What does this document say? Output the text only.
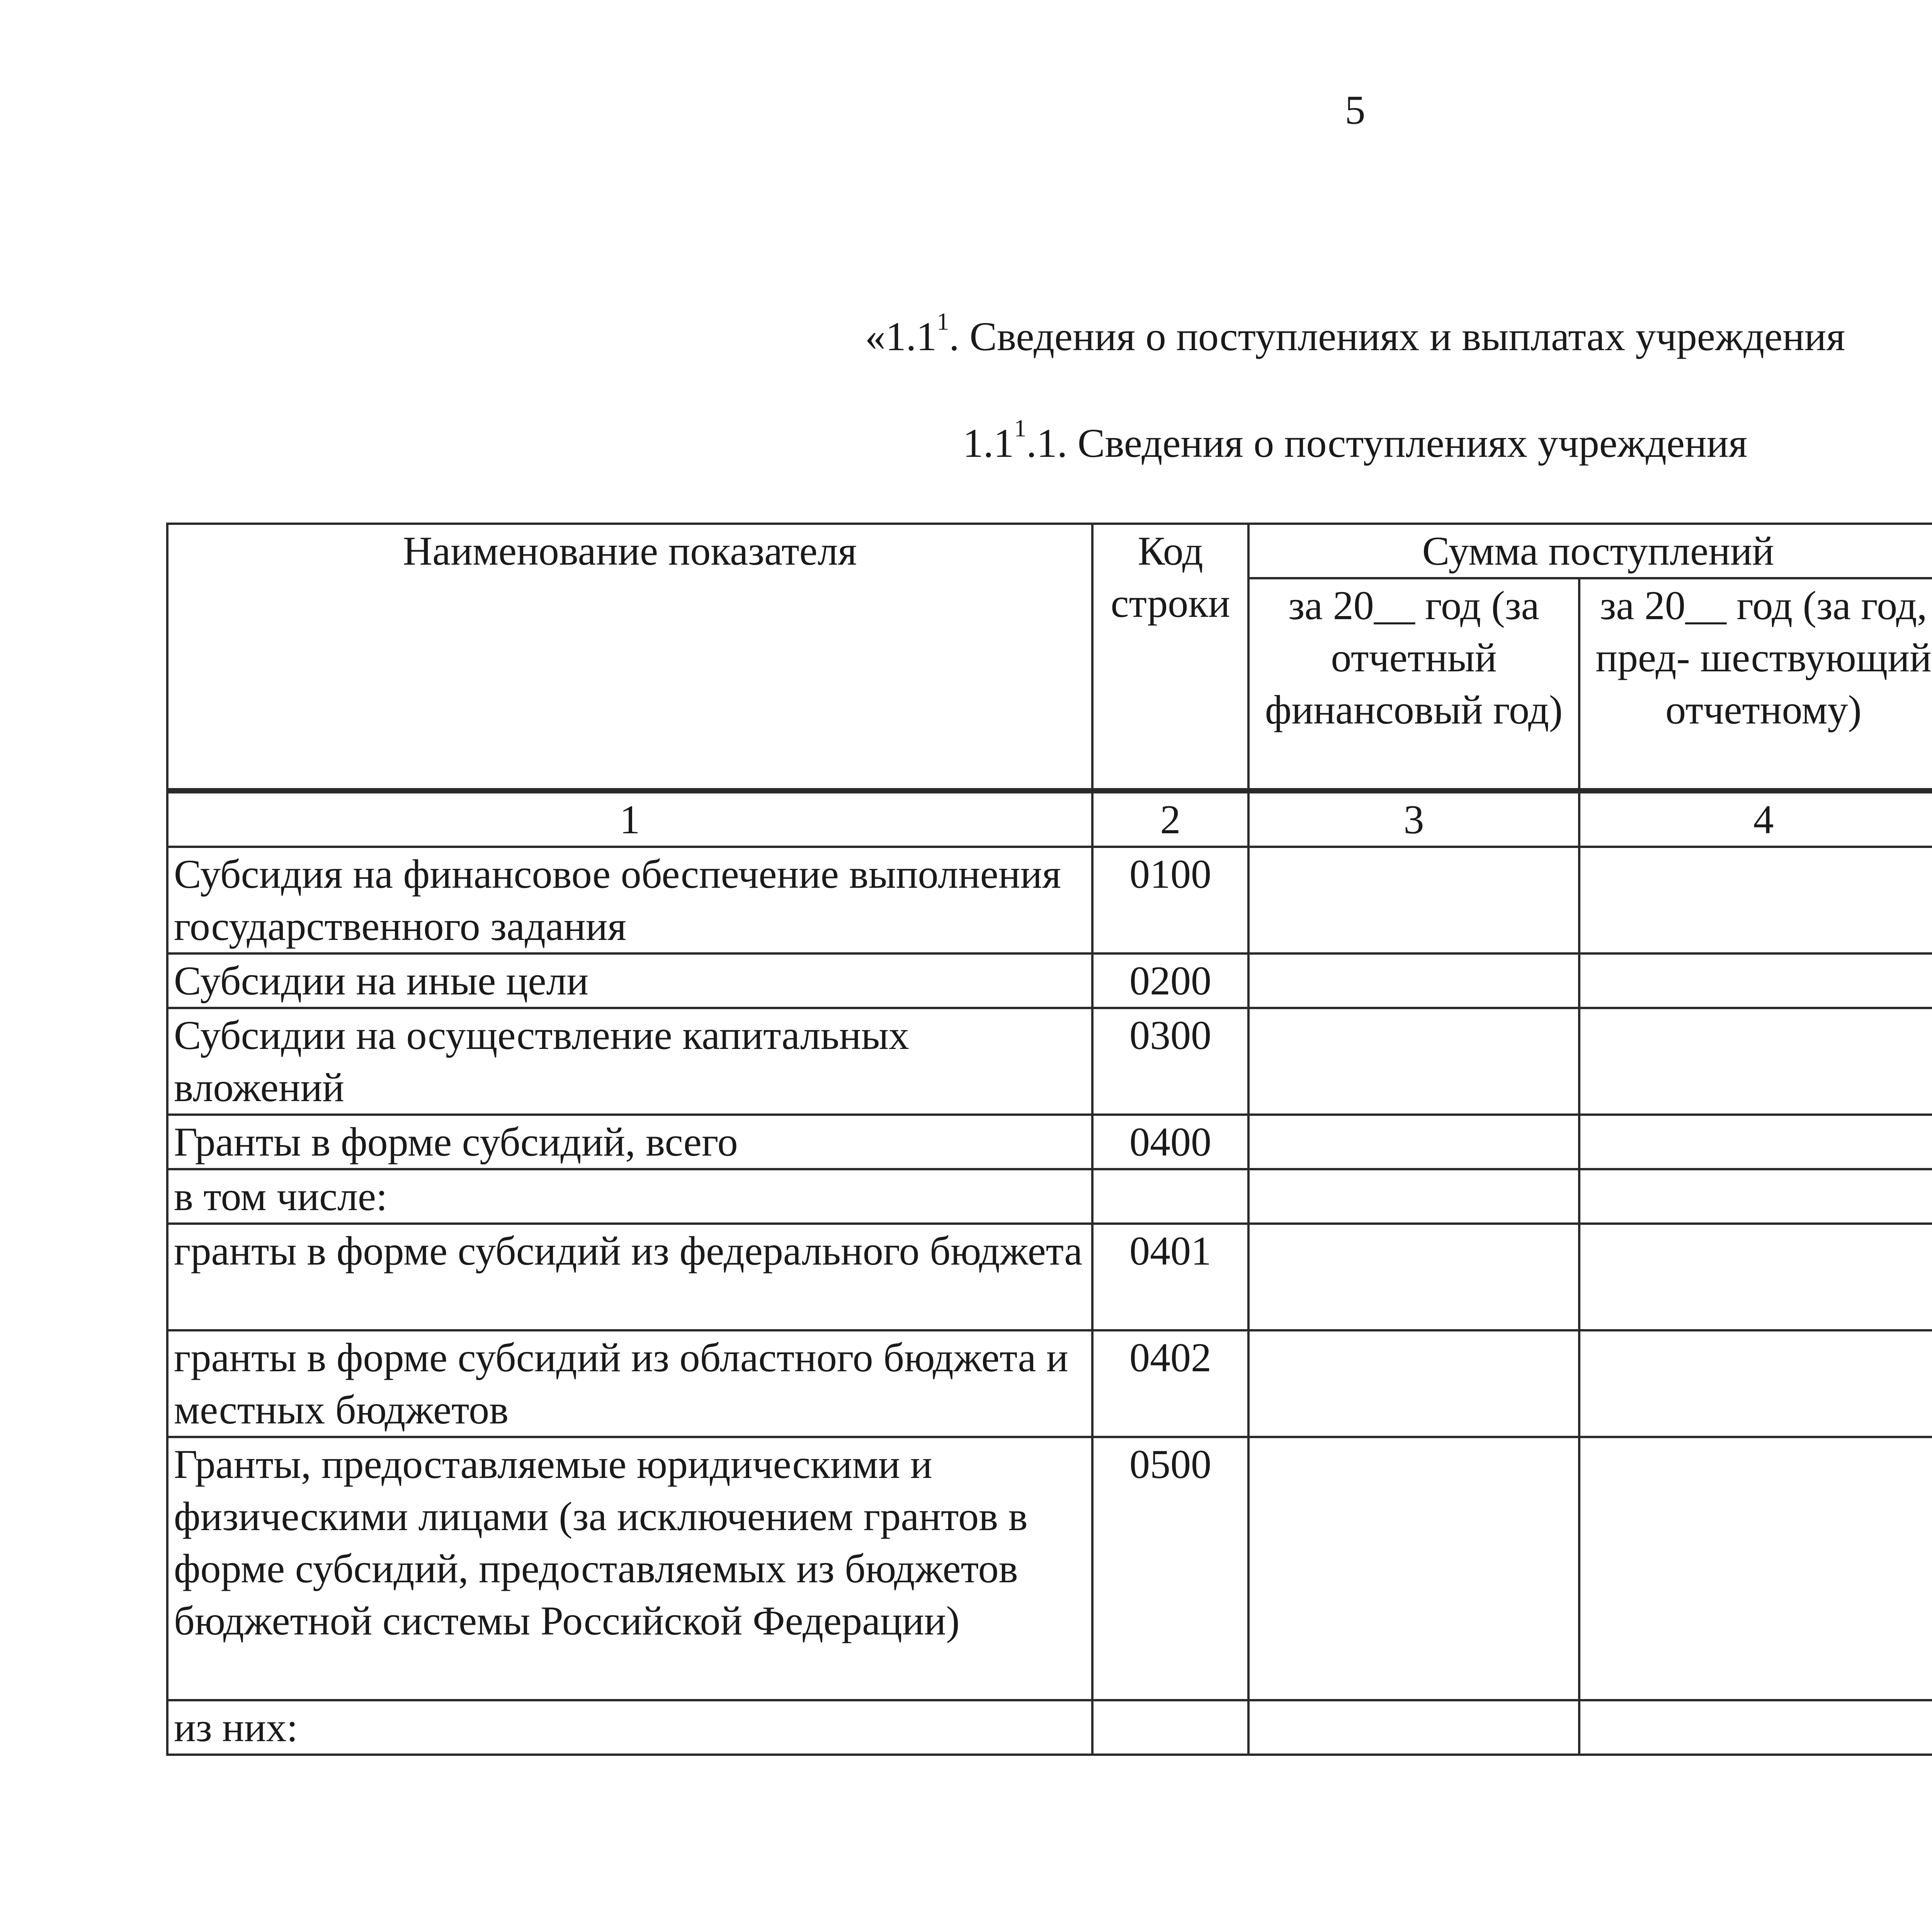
5
«$1.1^1$. Сведения о поступлениях и выплатах учреждения
$1.1^1.1$. Сведения о поступлениях учреждения
Наименование показателя	Код строки	Сумма поступлений		
		за 20__ год (за отчетный финансовый год)	за 20__ год (за год, пред- шествующий отчетному)		
1	2	3	4		
Субсидия на финансовое обеспечение выполнения государственного задания	0100				
Субсидии на иные цели	0200				
Субсидии на осуществление капитальных вложений	0300				
Гранты в форме субсидий, всего	0400				
в том числе:					
гранты в форме субсидий из федерального бюджета	0401				
гранты в форме субсидий из областного бюджета и местных бюджетов	0402				
Гранты, предоставляемые юридическими и физическими лицами (за исключением грантов в форме субсидий, предоставляемых из бюджетов бюджетной системы Российской Федерации)	0500				
из них:					
